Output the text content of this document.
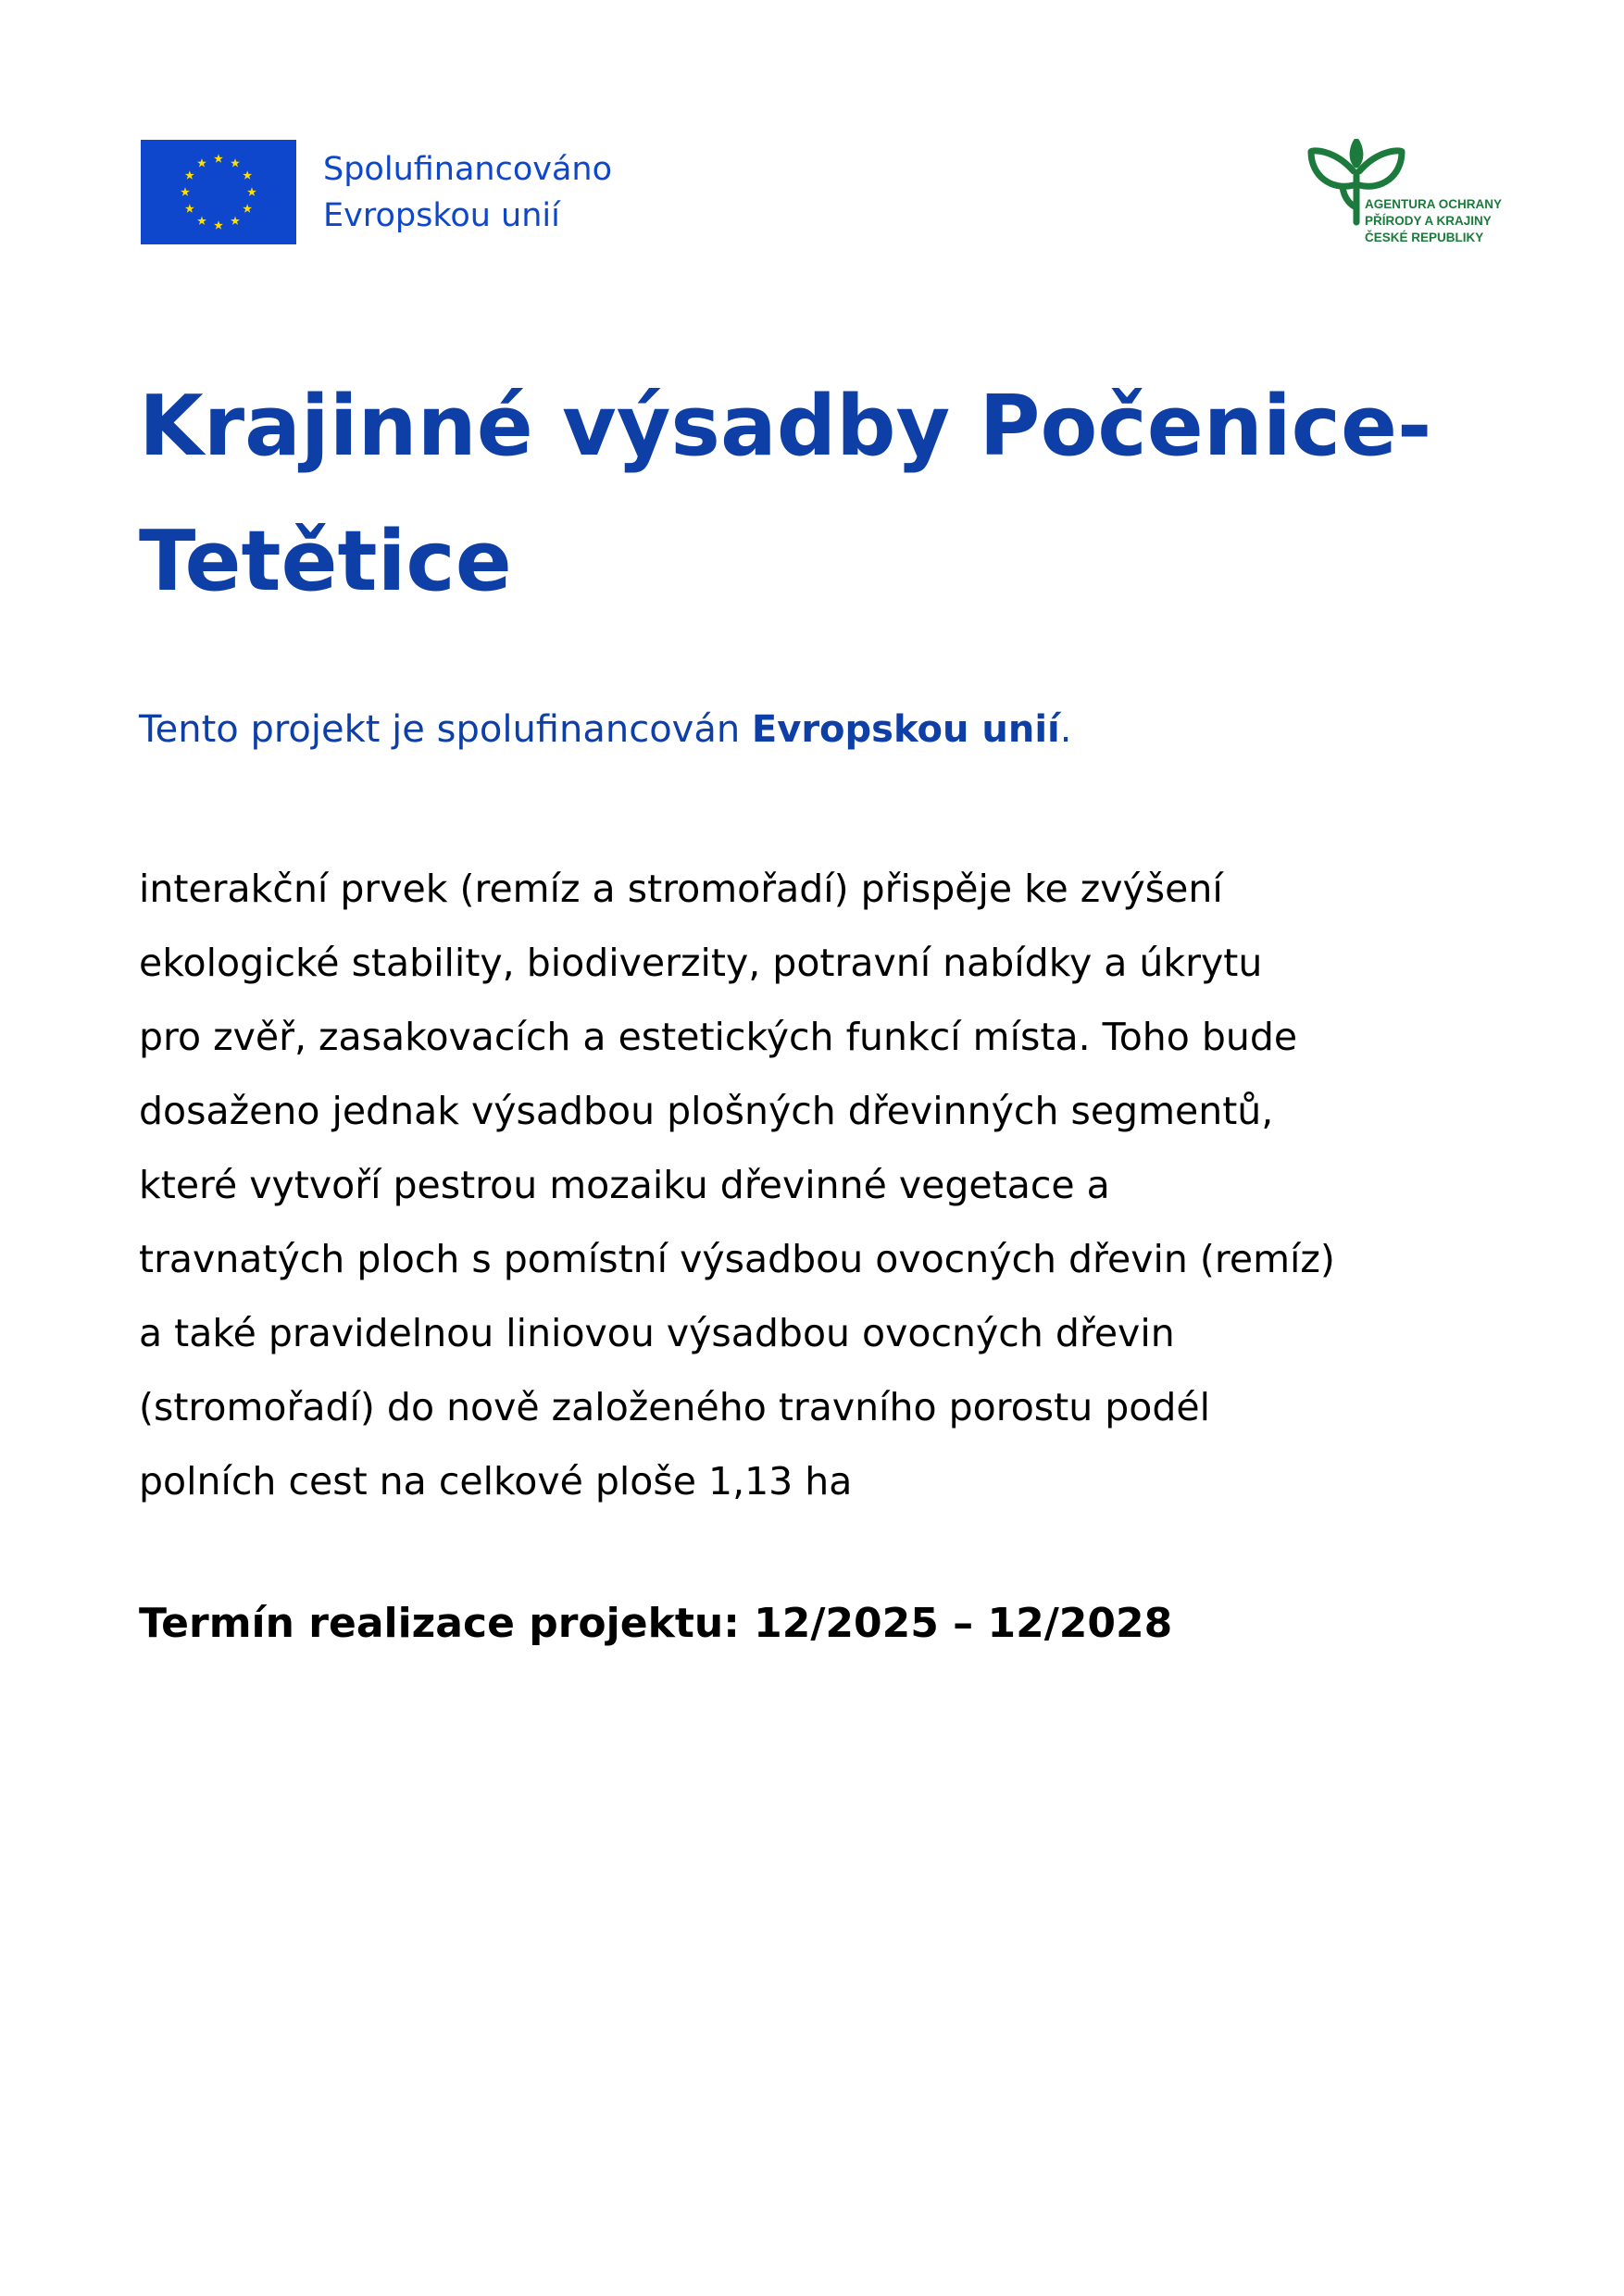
Spolufinancováno
Evropskou unií	AGENTURA OCHRANY
PŘÍRODY A KRAJINY
ČESKÉ REPUBLIKY
Krajinné výsadby Počenice-
Tetětice
Tento projekt je spolufinancován Evropskou unií.
interakční prvek (remíz a stromořadí) přispěje ke zvýšení
ekologické stability, biodiverzity, potravní nabídky a úkrytu
pro zvěř, zasakovacích a estetických funkcí místa. Toho bude
dosaženo jednak výsadbou plošných dřevinných segmentů,
které vytvoří pestrou mozaiku dřevinné vegetace a
travnatých ploch s pomístní výsadbou ovocných dřevin (remíz)
a také pravidelnou liniovou výsadbou ovocných dřevin
(stromořadí) do nově založeného travního porostu podél
polních cest na celkové ploše 1,13 ha
Termín realizace projektu: 12/2025 – 12/2028
